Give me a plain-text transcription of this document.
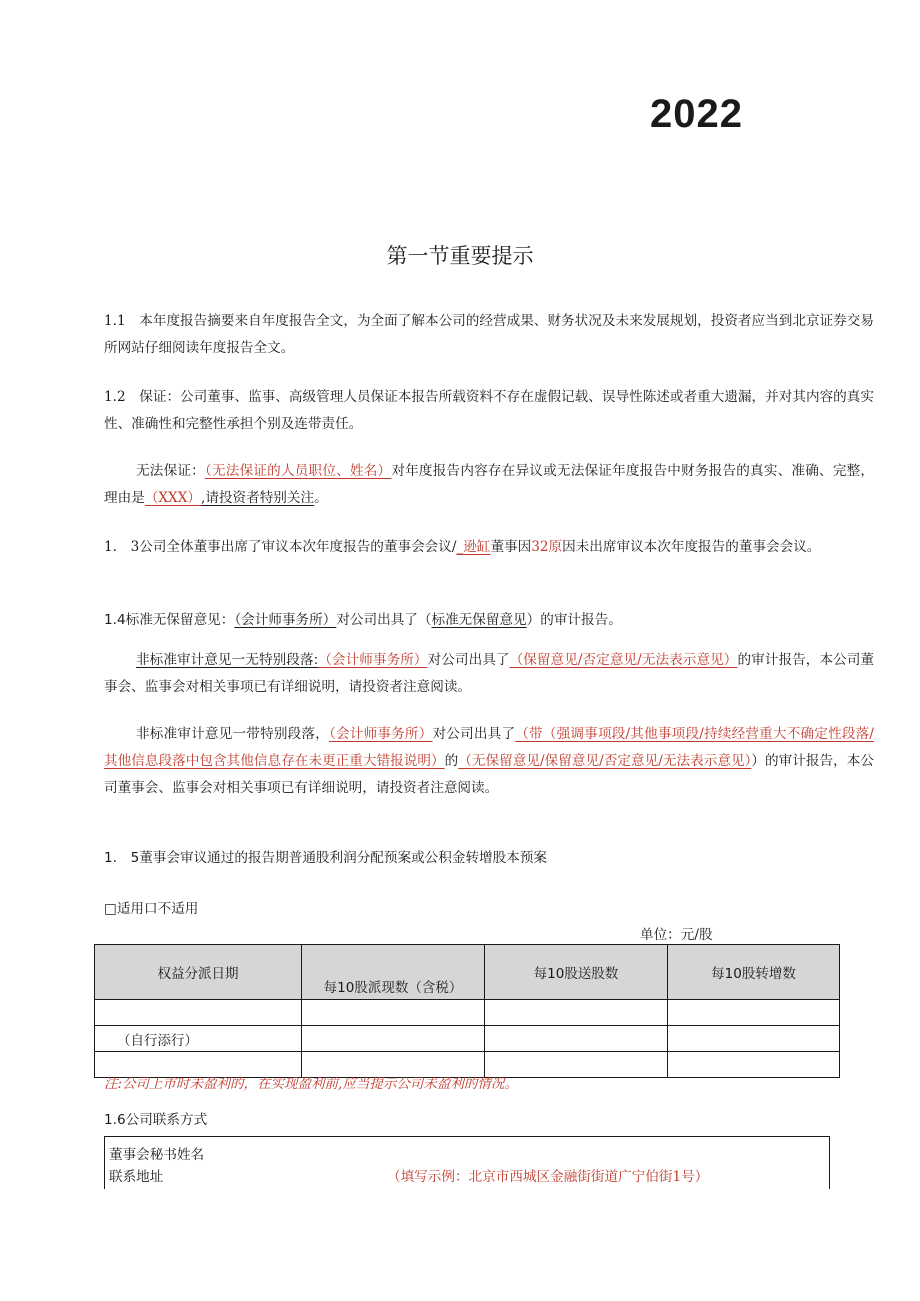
2022
第一节重要提示
1.1　本年度报告摘要来自年度报告全文，为全面了解本公司的经营成果、财务状况及未来发展规划，投资者应当到北京证券交易所网站仔细阅读年度报告全文。
1.2　保证：公司董事、监事、高级管理人员保证本报告所载资料不存在虚假记载、误导性陈述或者重大遗漏，并对其内容的真实性、准确性和完整性承担个别及连带责任。
无法保证：（无法保证的人员职位、姓名）对年度报告内容存在异议或无法保证年度报告中财务报告的真实、准确、完整，理由是（XXX）,请投资者特别关注。
1.　3公司全体董事出席了审议本次年度报告的董事会会议/_逊缸董事因32原因未出席审议本次年度报告的董事会会议。
1.4标准无保留意见：（会计师事务所）对公司出具了（标准无保留意见）的审计报告。
非标准审计意见一无特别段落:（会计师事务所）对公司出具了（保留意见/否定意见/无法表示意见）的审计报告，本公司董事会、监事会对相关事项已有详细说明，请投资者注意阅读。
非标准审计意见一带特别段落，（会计师事务所）对公司出具了（带（强调事项段/其他事项段/持续经营重大不确定性段落/其他信息段落中包含其他信息存在未更正重大错报说明）的（无保留意见/保留意见/否定意见/无法表示意见））的审计报告，本公司董事会、监事会对相关事项已有详细说明，请投资者注意阅读。
1.　5董事会审议通过的报告期普通股利润分配预案或公积金转增股本预案
□适用口不适用
单位：元/股
权益分派日期	每10股派现数（含税）	每10股送股数	每10股转增数

（自行添行）			

注:公司上市时未盈利的，在实现盈利前,应当提示公司未盈利的情况。
1.6公司联系方式
董事会秘书姓名
联系地址	（填写示例：北京市西城区金融街街道广宁伯街1号）
